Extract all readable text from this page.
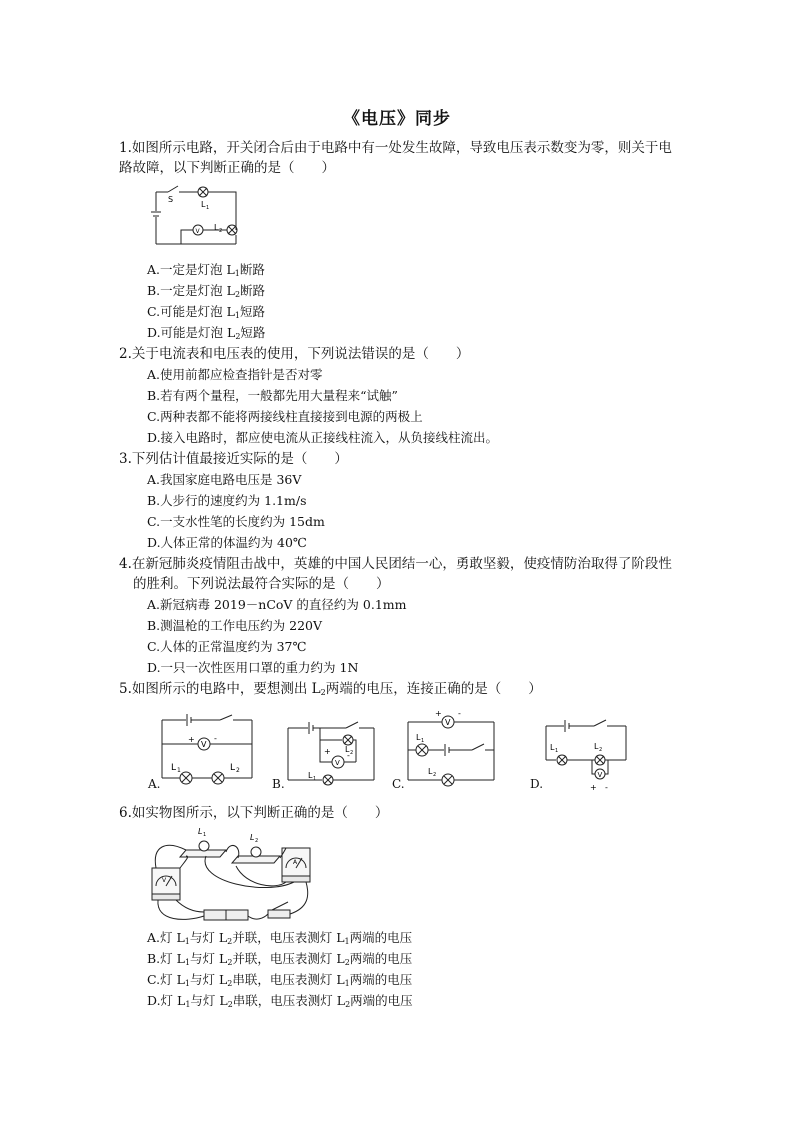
《电压》同步
1.如图所示电路，开关闭合后由于电路中有一处发生故障，导致电压表示数变为零，则关于电
路故障，以下判断正确的是（　　）
S
L 1
V L 2
A.一定是灯泡 $L_1$断路
B.一定是灯泡 $L_2$断路
C.可能是灯泡 $L_1$短路
D.可能是灯泡 $L_2$短路
2.关于电流表和电压表的使用，下列说法错误的是（　　）
A.使用前都应检查指针是否对零
B.若有两个量程，一般都先用大量程来“试触”
C.两种表都不能将两接线柱直接接到电源的两极上
D.接入电路时，都应使电流从正接线柱流入，从负接线柱流出。
3.下列估计值最接近实际的是（　　）
A.我国家庭电路电压是 36V
B.人步行的速度约为 1.1m/s
C.一支水性笔的长度约为 15dm
D.人体正常的体温约为 40℃
4.在新冠肺炎疫情阻击战中，英雄的中国人民团结一心，勇敢坚毅，使疫情防治取得了阶段性
的胜利。下列说法最符合实际的是（　　）
A.新冠病毒 2019－nCoV 的直径约为 0.1mm
B.测温枪的工作电压约为 220V
C.人体的正常温度约为 37℃
D.一只一次性医用口罩的重力约为 1N
5.如图所示的电路中，要想测出 $L_2$两端的电压，连接正确的是（　　）
V
+ -
L 1	L 2
A.
V
+ -
L 2
L 1
B.
V
+ -
L 1
L 2
C.
L 1	L 2
V
+ -
D.
6.如实物图所示，以下判断正确的是（　　）
L 1	L 2
V
A
A.灯 $L_1$与灯 $L_2$并联，电压表测灯 $L_1$两端的电压
B.灯 $L_1$与灯 $L_2$并联，电压表测灯 $L_2$两端的电压
C.灯 $L_1$与灯 $L_2$串联，电压表测灯 $L_1$两端的电压
D.灯 $L_1$与灯 $L_2$串联，电压表测灯 $L_2$两端的电压
